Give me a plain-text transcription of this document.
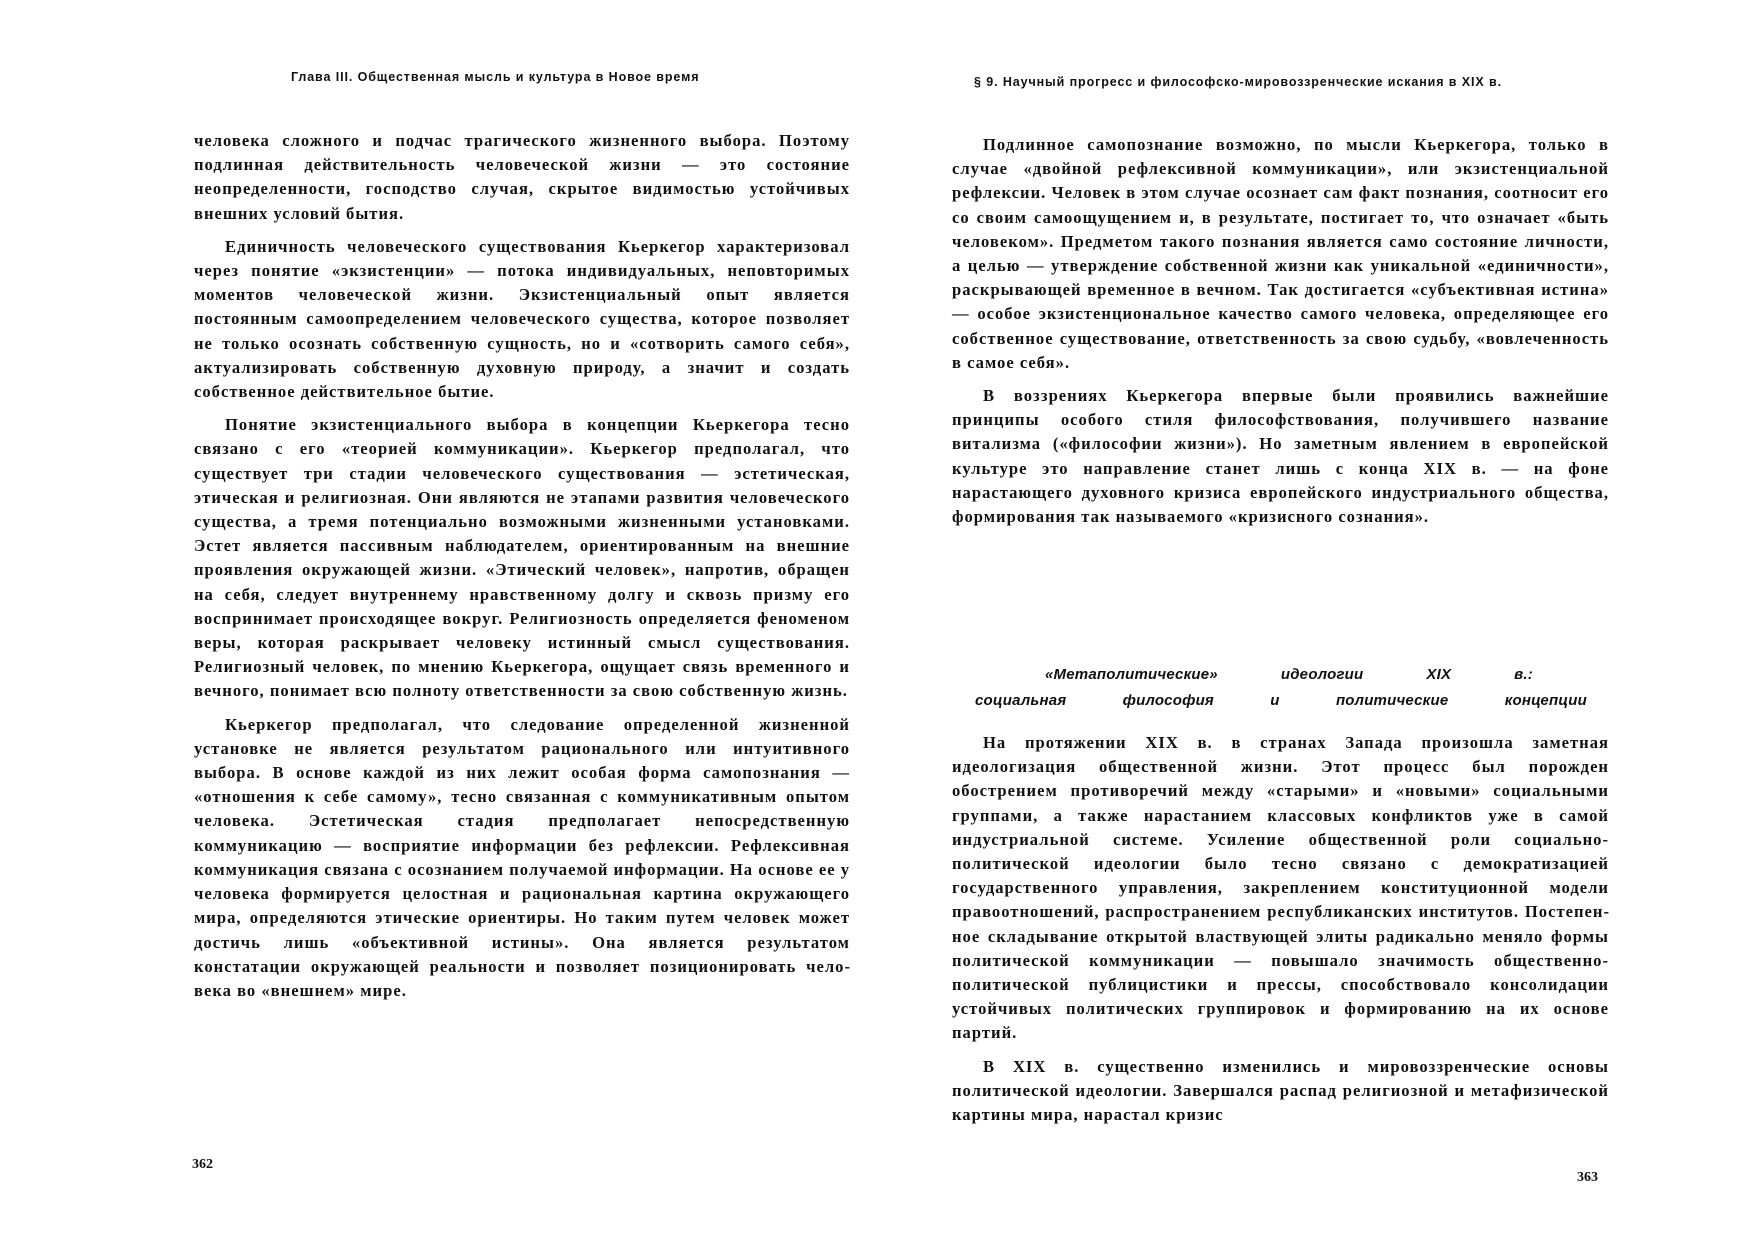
Глава III. Общественная мысль и культура в Новое время

человека сложного и подчас трагического жизненного выбора. Поэтому подлинная действительность человеческой жизни — это состояние неопределенности, господство случая, скрытое видимостью устойчивых внешних условий бытия.

Единичность человеческого существования Кьеркегор характеризовал через понятие «экзистенции» — потока индивидуальных, неповторимых моментов человеческой жизни. Экзистенциальный опыт является постоянным самоопределением человеческого существа, которое позволяет не только осознать собственную сущность, но и «сотворить самого себя», актуализировать собственную духовную природу, а значит и создать собственное действительное бытие.

Понятие экзистенциального выбора в концепции Кьеркегора тесно связано с его «теорией коммуникации». Кьеркегор предполагал, что существует три стадии человеческого существования — эстетическая, этическая и религиозная. Они являются не этапами развития человеческого существа, а тремя потенциально возможными жизненными установками. Эстет является пассивным наблюдателем, ориентированным на внешние проявления окружающей жизни. «Этический человек», напротив, обращен на себя, следует внутреннему нравственному долгу и сквозь призму его воспринимает происходящее вокруг. Религиозность определяется феноменом веры, которая раскрывает человеку истинный смысл существования. Религиозный человек, по мнению Кьеркегора, ощущает связь временного и вечного, понимает всю полноту ответственности за свою собственную жизнь.

Кьеркегор предполагал, что следование определенной жизненной установке не является результатом рационального или интуитивного выбора. В основе каждой из них лежит особая форма самопознания — «отношения к себе самому», тесно связанная с коммуникативным опытом человека. Эстетическая стадия предполагает непосредственную коммуникацию — восприятие информации без рефлексии. Рефлексивная коммуникация связана с осознанием получаемой информации. На основе ее у человека формируется целостная и рациональная картина окружающего мира, определяются этические ориентиры. Но таким путем человек может достичь лишь «объективной истины». Она является результатом констатации окружающей реальности и позволяет позиционировать человека во «внешнем» мире.

362
§ 9. Научный прогресс и философско-мировоззренческие искания в XIX в.

Подлинное самопознание возможно, по мысли Кьеркегора, только в случае «двойной рефлексивной коммуникации», или экзистенциальной рефлексии. Человек в этом случае осознает сам факт познания, соотносит его со своим самоощущением и, в результате, постигает то, что означает «быть человеком». Предметом такого познания является само состояние личности, а целью — утверждение собственной жизни как уникальной «единичности», раскрывающей временное в вечном. Так достигается «субъективная истина» — особое экзистенциональное качество самого человека, определяющее его собственное существование, ответственность за свою судьбу, «вовлеченность в самое себя».

В воззрениях Кьеркегора впервые были проявились важнейшие принципы особого стиля философствования, получившего название витализма («философии жизни»). Но заметным явлением в европейской культуре это направление станет лишь с конца XIX в. — на фоне нарастающего духовного кризиса европейского индустриального общества, формирования так называемого «кризисного сознания».

«Метаполитические»	идеологии	XIX	в.:
социальная	философия	и	политические	концепции

На протяжении XIX в. в странах Запада произошла заметная идеологизация общественной жизни. Этот процесс был порожден обострением противоречий между «старыми» и «новыми» социальными группами, а также нарастанием классовых конфликтов уже в самой индустриальной системе. Усиление общественной роли социально-политической идеологии было тесно связано с демократизацией государственного управления, закреплением конституционной модели правоотношений, распространением республиканских институтов. Постепенное складывание открытой властвующей элиты радикально меняло формы политической коммуникации — повышало значимость общественно-политической публицистики и прессы, способствовало консолидации устойчивых политических группировок и формированию на их основе партий.

В XIX в. существенно изменились и мировоззренческие основы политической идеологии. Завершался распад религиозной и метафизической картины мира, нарастал кризис

363
